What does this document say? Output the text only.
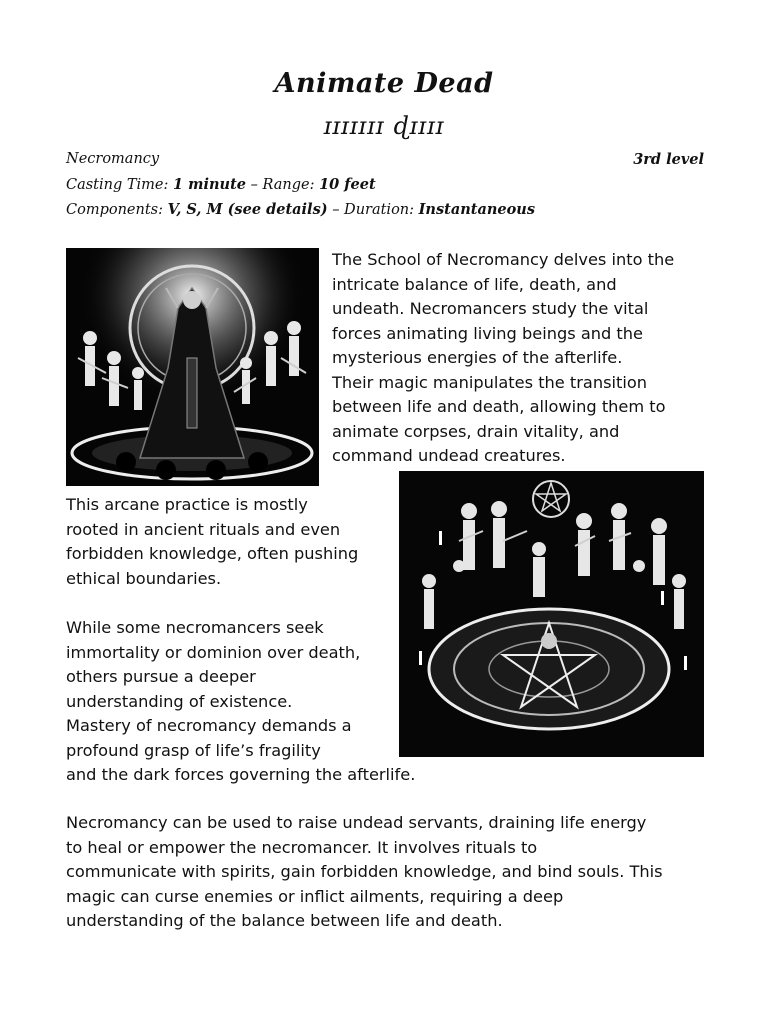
Animate Dead
ɪɪɪɪɪɪɪ ɖɪɪɪɪ
Necromancy	3rd level
Casting Time: 1 minute – Range: 10 feet
Components: V, S, M (see details) – Duration: Instantaneous
The School of Necromancy delves into the
intricate balance of life, death, and
undeath. Necromancers study the vital
forces animating living beings and the
mysterious energies of the afterlife.
Their magic manipulates the transition
between life and death, allowing them to
animate corpses, drain vitality, and
command undead creatures.
This arcane practice is mostly
rooted in ancient rituals and even
forbidden knowledge, often pushing
ethical boundaries.
While some necromancers seek
immortality or dominion over death,
others pursue a deeper
understanding of existence.
Mastery of necromancy demands a
profound grasp of life’s fragility
and the dark forces governing the afterlife.
Necromancy can be used to raise undead servants, draining life energy
to heal or empower the necromancer. It involves rituals to
communicate with spirits, gain forbidden knowledge, and bind souls. This
magic can curse enemies or inflict ailments, requiring a deep
understanding of the balance between life and death.
